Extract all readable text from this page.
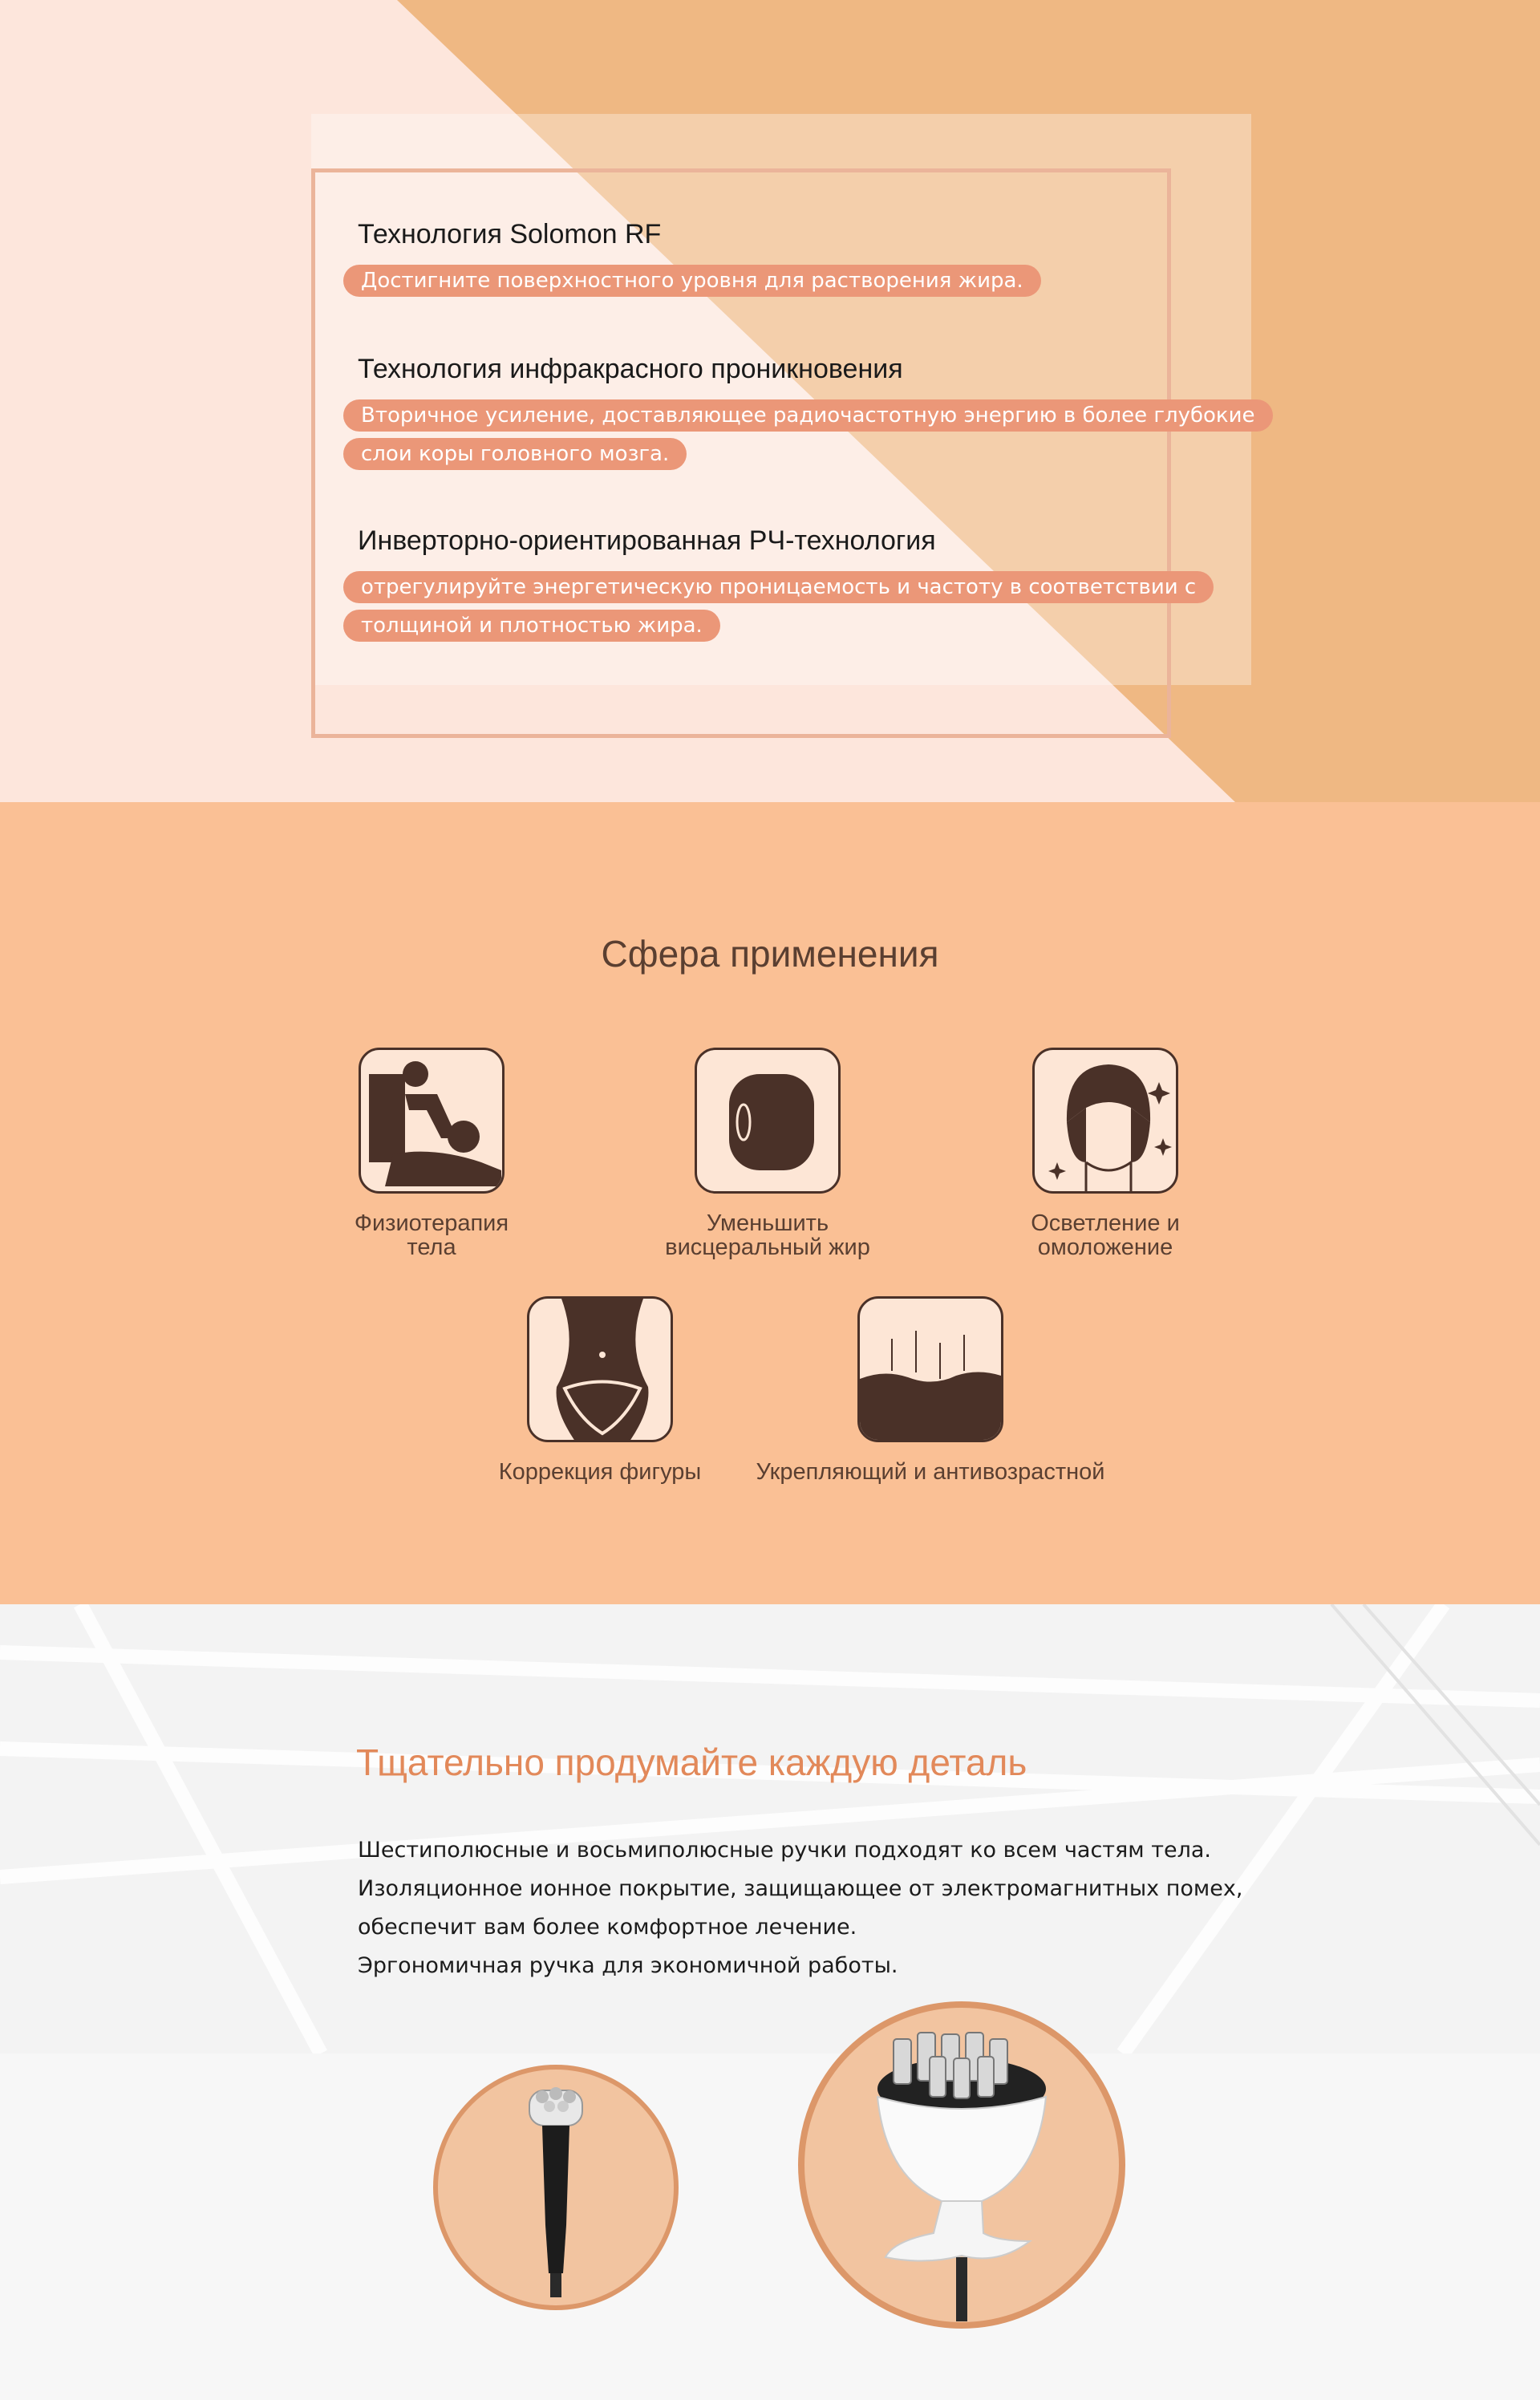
Технология Solomon RF
Достигните поверхностного уровня для растворения жира.
Технология инфракрасного проникновения
Вторичное усиление, доставляющее радиочастотную энергию в более глубокие
слои коры головного мозга.
Инверторно-ориентированная РЧ-технология
отрегулируйте энергетическую проницаемость и частоту в соответствии с
толщиной и плотностью жира.
Сфера применения
Физиотерапия
тела
Уменьшить
висцеральный жир
Осветление и
омоложение
Коррекция фигуры	Укрепляющий и антивозрастной
Тщательно продумайте каждую деталь
Шестиполюсные и восьмиполюсные ручки подходят ко всем частям тела.
Изоляционное ионное покрытие, защищающее от электромагнитных помех,
обеспечит вам более комфортное лечение.
Эргономичная ручка для экономичной работы.
